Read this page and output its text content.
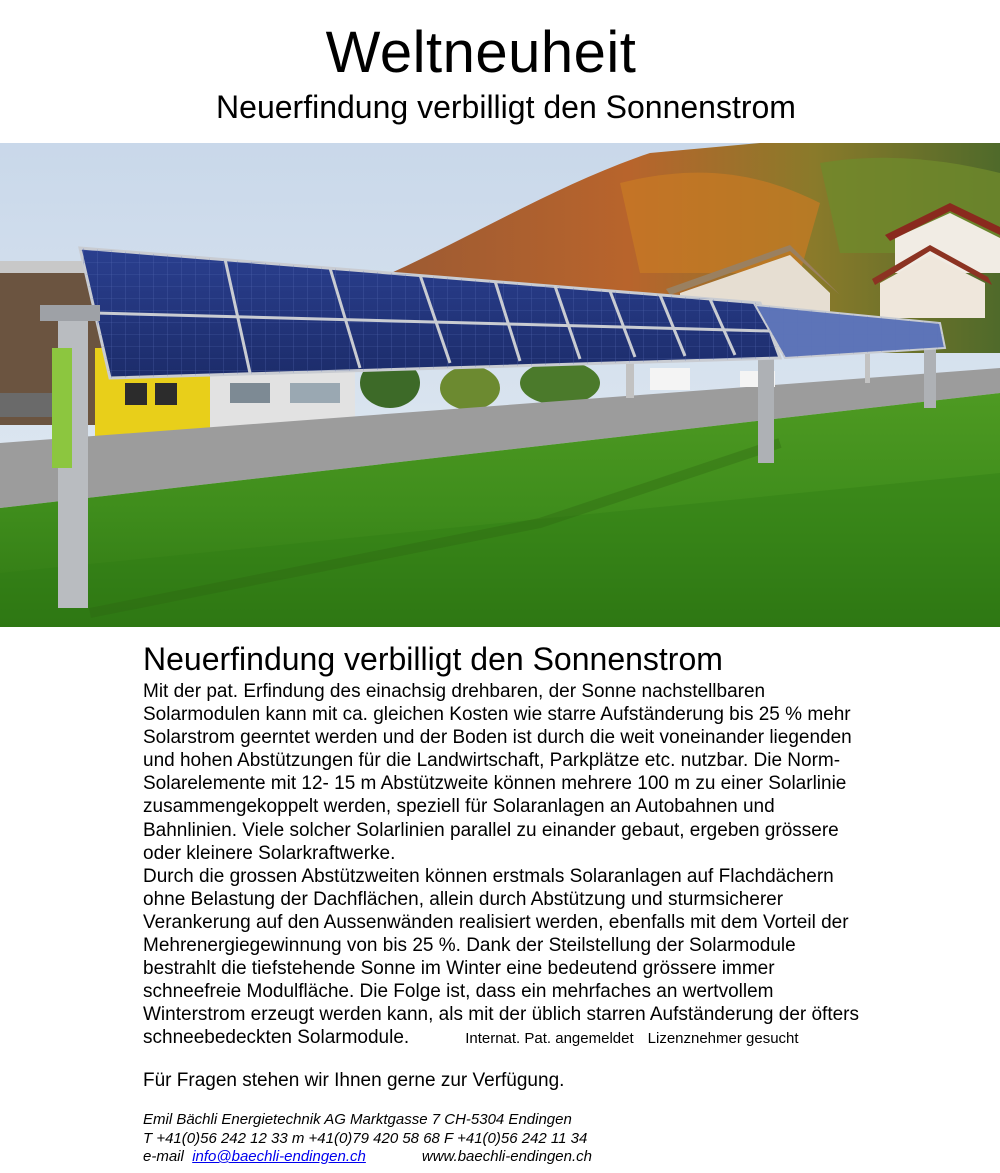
Weltneuheit
Neuerfindung verbilligt den Sonnenstrom
Neuerfindung verbilligt den Sonnenstrom
Mit der pat. Erfindung des einachsig drehbaren, der Sonne nachstellbaren
Solarmodulen kann mit ca. gleichen Kosten wie starre Aufständerung bis 25 % mehr
Solarstrom geerntet werden und der Boden ist durch die weit voneinander liegenden
und hohen Abstützungen für die Landwirtschaft, Parkplätze etc. nutzbar. Die Norm-
Solarelemente mit 12- 15 m Abstützweite können mehrere 100 m zu einer Solarlinie
zusammengekoppelt werden, speziell für Solaranlagen an Autobahnen und
Bahnlinien. Viele solcher Solarlinien parallel zu einander gebaut, ergeben grössere
oder kleinere Solarkraftwerke.
Durch die grossen Abstützweiten können erstmals Solaranlagen auf Flachdächern
ohne Belastung der Dachflächen, allein durch Abstützung und sturmsicherer
Verankerung auf den Aussenwänden realisiert werden, ebenfalls mit dem Vorteil der
Mehrenergiegewinnung von bis 25 %. Dank der Steilstellung der Solarmodule
bestrahlt die tiefstehende Sonne im Winter eine bedeutend grössere immer
schneefreie Modulfläche. Die Folge ist, dass ein mehrfaches an wertvollem
Winterstrom erzeugt werden kann, als mit der üblich starren Aufständerung der öfters
schneebedeckten Solarmodule.	Internat. Pat. angemeldet Lizenznehmer gesucht
Für Fragen stehen wir Ihnen gerne zur Verfügung.
Emil Bächli Energietechnik AG Marktgasse 7 CH-5304 Endingen
T +41(0)56 242 12 33 m +41(0)79 420 58 68 F +41(0)56 242 11 34
e-mail info@baechli-endingen.ch	www.baechli-endingen.ch
